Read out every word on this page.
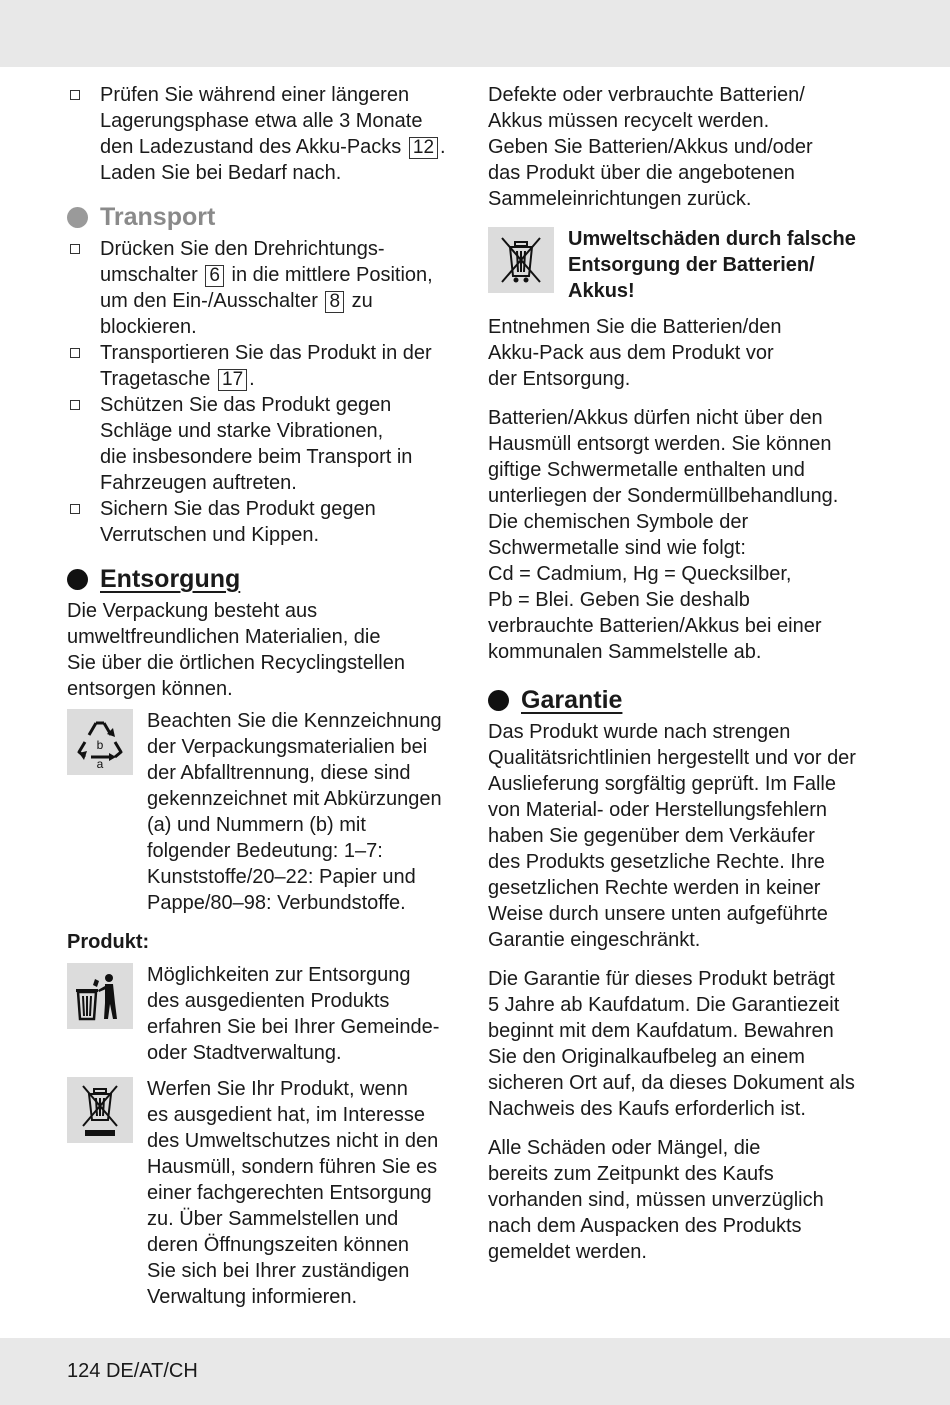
Prüfen Sie während einer längeren
Lagerungsphase etwa alle 3 Monate
den Ladezustand des Akku-Packs 12 .
Laden Sie bei Bedarf nach.
Transport
Drücken Sie den Drehrichtungs-
umschalter 6 in die mittlere Position,
um den Ein-/Ausschalter 8 zu
blockieren.
Transportieren Sie das Produkt in der
Tragetasche 17 .
Schützen Sie das Produkt gegen
Schläge und starke Vibrationen,
die insbesondere beim Transport in
Fahrzeugen auftreten.
Sichern Sie das Produkt gegen
Verrutschen und Kippen.
Entsorgung

Die Verpackung besteht aus
umweltfreundlichen Materialien, die
Sie über die örtlichen Recyclingstellen
entsorgen können.

b
a
Beachten Sie die Kennzeichnung
der Verpackungsmaterialien bei
der Abfalltrennung, diese sind
gekennzeichnet mit Abkürzungen
(a) und Nummern (b) mit
folgender Bedeutung: 1–7:
Kunststoffe/20–22: Papier und
Pappe/80–98: Verbundstoffe.

Produkt:

Möglichkeiten zur Entsorgung
des ausgedienten Produkts
erfahren Sie bei Ihrer Gemeinde-
oder Stadtverwaltung.
Werfen Sie Ihr Produkt, wenn
es ausgedient hat, im Interesse
des Umweltschutzes nicht in den
Hausmüll, sondern führen Sie es
einer fachgerechten Entsorgung
zu. Über Sammelstellen und
deren Öffnungszeiten können
Sie sich bei Ihrer zuständigen
Verwaltung informieren.

Defekte oder verbrauchte Batterien/
Akkus müssen recycelt werden.
Geben Sie Batterien/Akkus und/oder
das Produkt über die angebotenen
Sammeleinrichtungen zurück.

Umweltschäden durch falsche
Entsorgung der Batterien/
Akkus!

Entnehmen Sie die Batterien/den
Akku-Pack aus dem Produkt vor
der Entsorgung.

Batterien/Akkus dürfen nicht über den
Hausmüll entsorgt werden. Sie können
giftige Schwermetalle enthalten und
unterliegen der Sondermüllbehandlung.
Die chemischen Symbole der
Schwermetalle sind wie folgt:
Cd = Cadmium, Hg = Quecksilber,
Pb = Blei. Geben Sie deshalb
verbrauchte Batterien/Akkus bei einer
kommunalen Sammelstelle ab.

Garantie

Das Produkt wurde nach strengen
Qualitätsrichtlinien hergestellt und vor der
Auslieferung sorgfältig geprüft. Im Falle
von Material- oder Herstellungsfehlern
haben Sie gegenüber dem Verkäufer
des Produkts gesetzliche Rechte. Ihre
gesetzlichen Rechte werden in keiner
Weise durch unsere unten aufgeführte
Garantie eingeschränkt.

Die Garantie für dieses Produkt beträgt
5 Jahre ab Kaufdatum. Die Garantiezeit
beginnt mit dem Kaufdatum. Bewahren
Sie den Originalkaufbeleg an einem
sicheren Ort auf, da dieses Dokument als
Nachweis des Kaufs erforderlich ist.

Alle Schäden oder Mängel, die
bereits zum Zeitpunkt des Kaufs
vorhanden sind, müssen unverzüglich
nach dem Auspacken des Produkts
gemeldet werden.

124 DE/AT/CH
